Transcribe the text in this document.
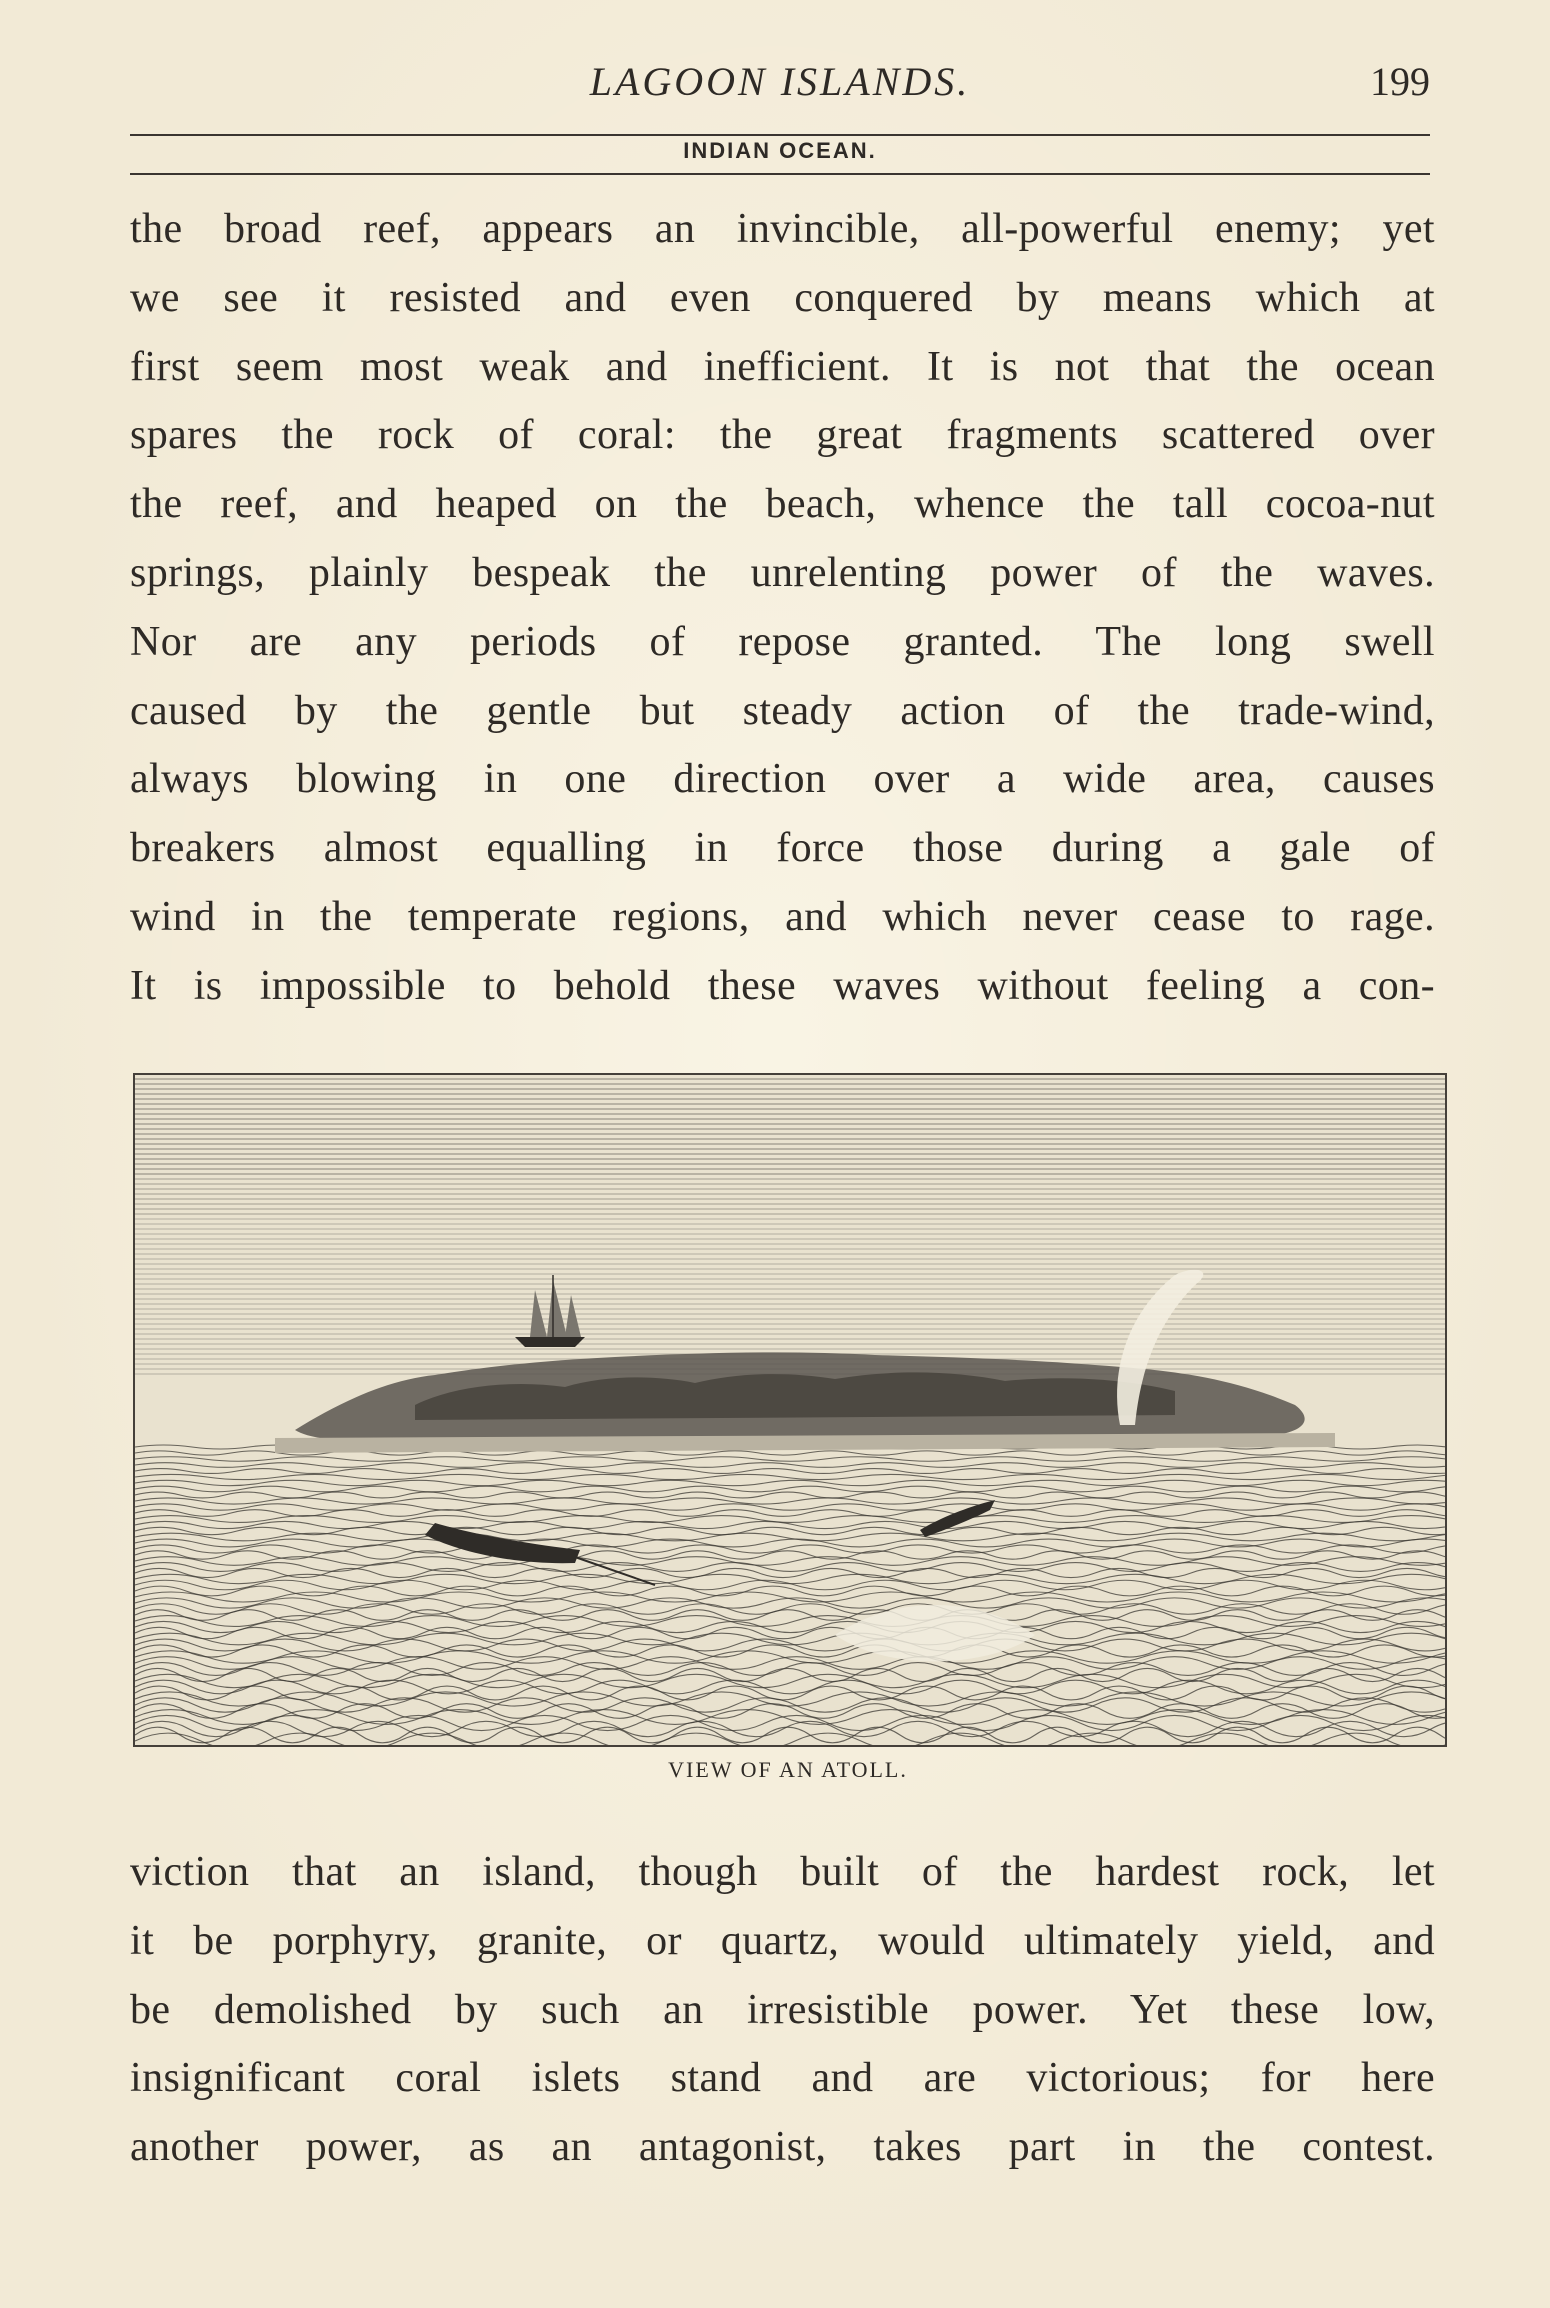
LAGOON ISLANDS.	199
INDIAN OCEAN.
the broad reef, appears an invincible, all-powerful enemy; yet
we see it resisted and even conquered by means which at
first seem most weak and inefficient. It is not that the ocean
spares the rock of coral: the great fragments scattered over
the reef, and heaped on the beach, whence the tall cocoa-nut
springs, plainly bespeak the unrelenting power of the waves.
Nor are any periods of repose granted. The long swell
caused by the gentle but steady action of the trade-wind,
always blowing in one direction over a wide area, causes
breakers almost equalling in force those during a gale of
wind in the temperate regions, and which never cease to rage.
It is impossible to behold these waves without feeling a con-
VIEW OF AN ATOLL.
viction that an island, though built of the hardest rock, let
it be porphyry, granite, or quartz, would ultimately yield, and
be demolished by such an irresistible power. Yet these low,
insignificant coral islets stand and are victorious; for here
another power, as an antagonist, takes part in the contest.
